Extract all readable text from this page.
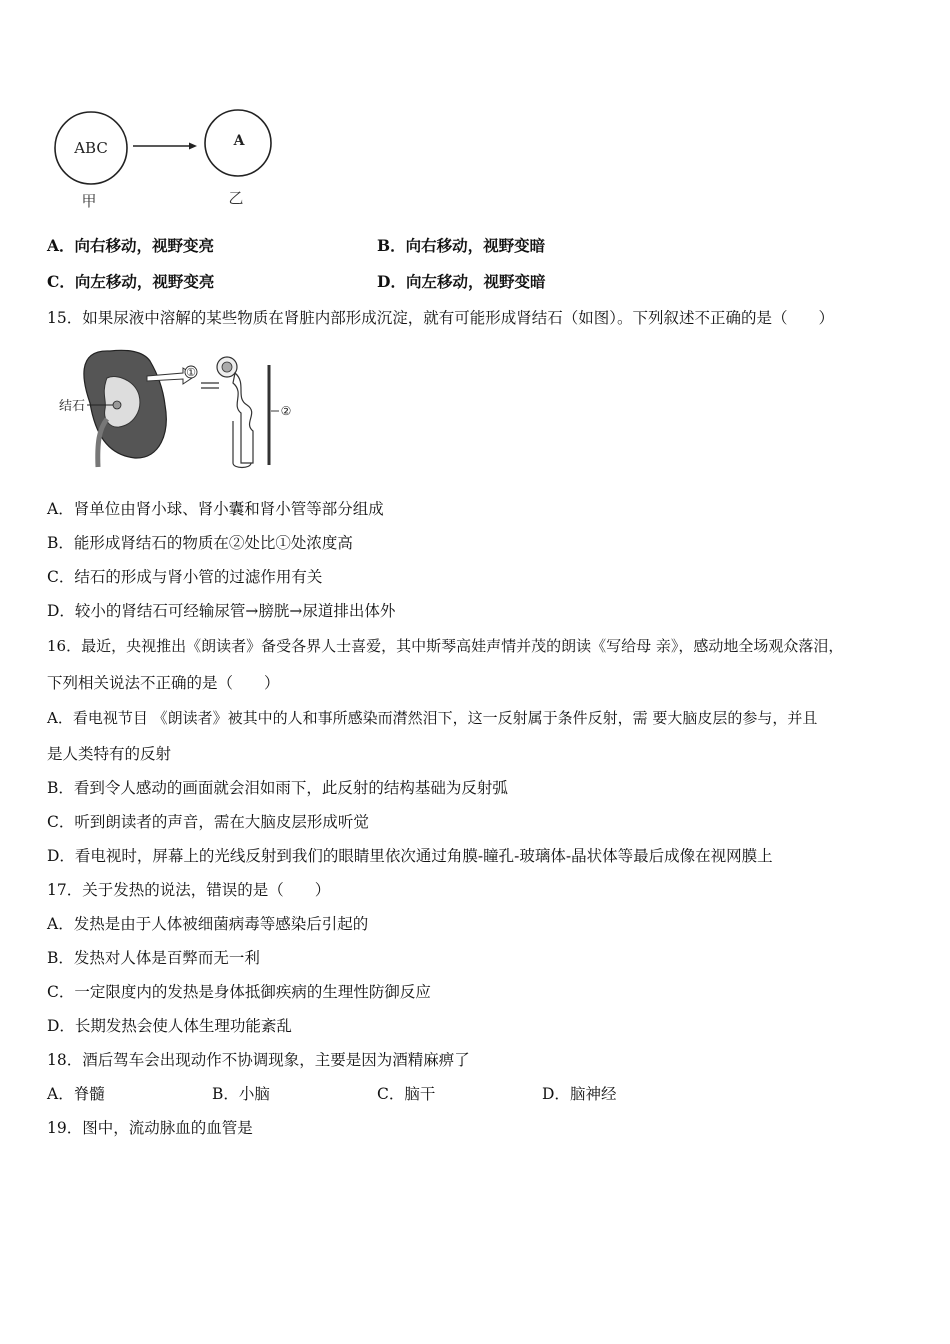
ABC	A
甲	乙
A．向右移动，视野变亮	B．向右移动，视野变暗
C．向左移动，视野变亮	D．向左移动，视野变暗
15．如果尿液中溶解的某些物质在肾脏内部形成沉淀，就有可能形成肾结石（如图）。下列叙述不正确的是（　　）
结石
①
②
A．肾单位由肾小球、肾小囊和肾小管等部分组成
B．能形成肾结石的物质在②处比①处浓度高
C．结石的形成与肾小管的过滤作用有关
D．较小的肾结石可经输尿管→膀胱→尿道排出体外
16．最近，央视推出《朗读者》备受各界人士喜爱，其中斯琴高娃声情并茂的朗读《写给母 亲》，感动地全场观众落泪，
下列相关说法不正确的是（　　）
A．看电视节目 《朗读者》被其中的人和事所感染而潸然泪下，这一反射属于条件反射，需 要大脑皮层的参与，并且
是人类特有的反射
B．看到令人感动的画面就会泪如雨下，此反射的结构基础为反射弧
C．听到朗读者的声音，需在大脑皮层形成听觉
D．看电视时，屏幕上的光线反射到我们的眼睛里依次通过角膜-瞳孔-玻璃体-晶状体等最后成像在视网膜上
17．关于发热的说法，错误的是（　　）
A．发热是由于人体被细菌病毒等感染后引起的
B．发热对人体是百弊而无一利
C．一定限度内的发热是身体抵御疾病的生理性防御反应
D．长期发热会使人体生理功能紊乱
18．酒后驾车会出现动作不协调现象，主要是因为酒精麻痹了
A．脊髓	B．小脑	C．脑干	D．脑神经
19．图中，流动脉血的血管是
